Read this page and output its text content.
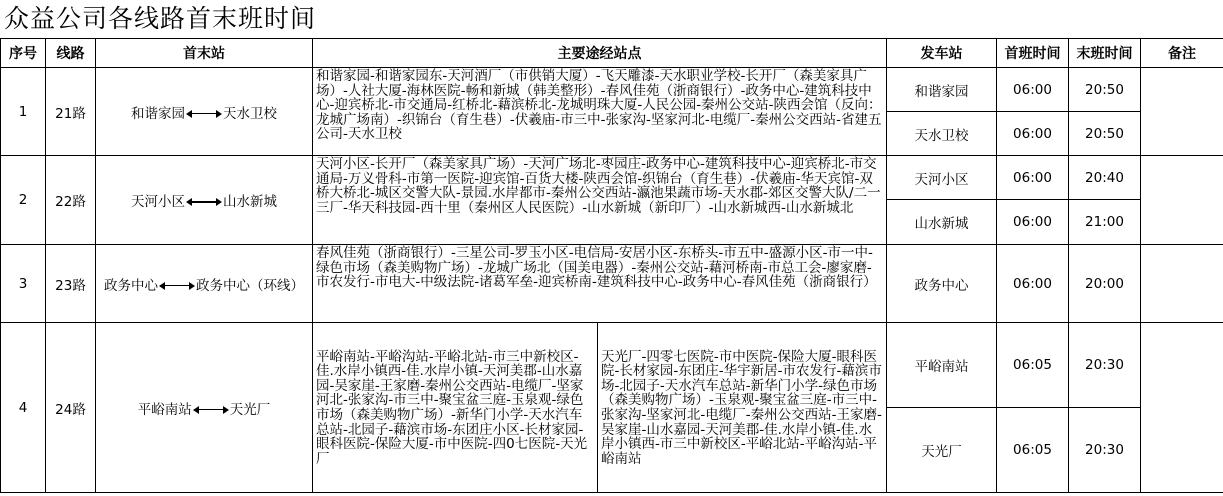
众益公司各线路首末班时间
序号	线路	首末站	主要途经站点		发车站	首班时间	末班时间	备注
1	21路	和谐家园 天水卫校	和谐家园-和谐家园东-天河酒厂（市供销大厦）-飞天雕漆-天水职业学校-长开厂（森美家具广场）-人社大厦-海林医院-畅和新城（韩美整形）-春风佳苑（浙商银行）-政务中心-建筑科技中心-迎宾桥北-市交通局-红桥北-藉滨桥北-龙城明珠大厦-人民公园-秦州公交站-陕西会馆（反向：龙城广场南）-织锦台（育生巷）-伏羲庙-市三中-张家沟-坚家河北-电缆厂-秦州公交西站-省建五公司-天水卫校		和谐家园	06:00	20:50	
					天水卫校	06:00	20:50	
2	22路	天河小区 山水新城	天河小区-长开厂（森美家具广场）-天河广场北-枣园庄-政务中心-建筑科技中心-迎宾桥北-市交通局-万义骨科-市第一医院-迎宾馆-百货大楼-陕西会馆-织锦台（育生巷）-伏羲庙-华天宾馆-双桥大桥北-城区交警大队-景园.水岸都市-秦州公交西站-瀛池果蔬市场-天水郡-郊区交警大队/二一三厂-华天科技园-西十里（秦州区人民医院）-山水新城（新印厂）-山水新城西-山水新城北		天河小区	06:00	20:40	
					山水新城	06:00	21:00	
3	23路	政务中心 政务中心（环线）	春风佳苑（浙商银行）-三星公司-罗玉小区-电信局-安居小区-东桥头-市五中-盛源小区-市一中-绿色市场（森美购物广场）-龙城广场北（国美电器）-秦州公交站-藉河桥南-市总工会-廖家磨-市农发行-市电大-中级法院-诸葛军垒-迎宾桥南-建筑科技中心-政务中心-春风佳苑（浙商银行）		政务中心	06:00	20:00	
4	24路	平峪南站 天光厂	平峪南站-平峪沟站-平峪北站-市三中新校区-佳.水岸小镇西-佳.水岸小镇-天河美郡-山水嘉园-吴家崖-王家磨-秦州公交西站-电缆厂-坚家河北-张家沟-市三中-聚宝盆三庭-玉泉观-绿色市场（森美购物广场）-新华门小学-天水汽车总站-北园子-藉滨市场-东团庄小区-长材家园-眼科医院-保险大厦-市中医院-四0七医院-天光厂	天光厂-四零七医院-市中医院-保险大厦-眼科医院-长材家园-东团庄-华宇新居-市农发行-藉滨市场-北园子-天水汽车总站-新华门小学-绿色市场（森美购物广场）-玉泉观-聚宝盆三庭-市三中-张家沟-坚家河北-电缆厂-秦州公交西站-王家磨-吴家崖-山水嘉园-天河美郡-佳.水岸小镇-佳.水岸小镇西-市三中新校区-平峪北站-平峪沟站-平峪南站	平峪南站	06:05	20:30	
					天光厂	06:05	20:30	
